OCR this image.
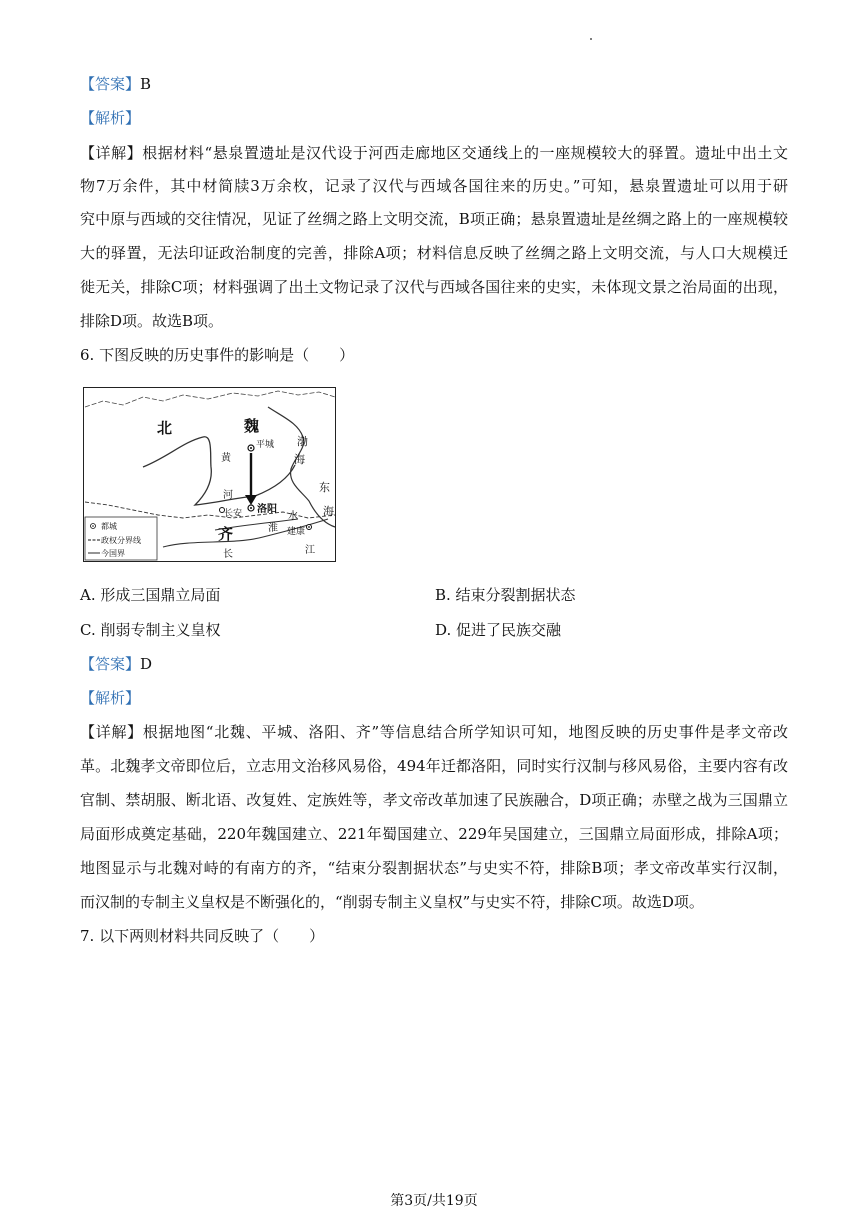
【答案】B
【解析】
【详解】根据材料“悬泉置遗址是汉代设于河西走廊地区交通线上的一座规模较大的驿置。遗址中出土文
物7万余件，其中材简牍3万余枚，记录了汉代与西域各国往来的历史。”可知，悬泉置遗址可以用于研
究中原与西域的交往情况，见证了丝绸之路上文明交流，B项正确；悬泉置遗址是丝绸之路上的一座规模较
大的驿置，无法印证政治制度的完善，排除A项；材料信息反映了丝绸之路上文明交流，与人口大规模迁
徙无关，排除C项；材料强调了出土文物记录了汉代与西域各国往来的史实，未体现文景之治局面的出现，
排除D项。故选B项。
6. 下图反映的历史事件的影响是（　　）
北	魏
平城
黄
河
渤
海
东
海
长安 洛阳
水
淮 建康
齐
长	江
都城
政权分界线
今国界
A. 形成三国鼎立局面	B. 结束分裂割据状态
C. 削弱专制主义皇权	D. 促进了民族交融
【答案】D
【解析】
【详解】根据地图“北魏、平城、洛阳、齐”等信息结合所学知识可知，地图反映的历史事件是孝文帝改
革。北魏孝文帝即位后，立志用文治移风易俗，494年迁都洛阳，同时实行汉制与移风易俗，主要内容有改
官制、禁胡服、断北语、改复姓、定族姓等，孝文帝改革加速了民族融合，D项正确；赤壁之战为三国鼎立
局面形成奠定基础，220年魏国建立、221年蜀国建立、229年吴国建立，三国鼎立局面形成，排除A项；
地图显示与北魏对峙的有南方的齐，“结束分裂割据状态”与史实不符，排除B项；孝文帝改革实行汉制，
而汉制的专制主义皇权是不断强化的，“削弱专制主义皇权”与史实不符，排除C项。故选D项。
7. 以下两则材料共同反映了（　　）
第3页/共19页
